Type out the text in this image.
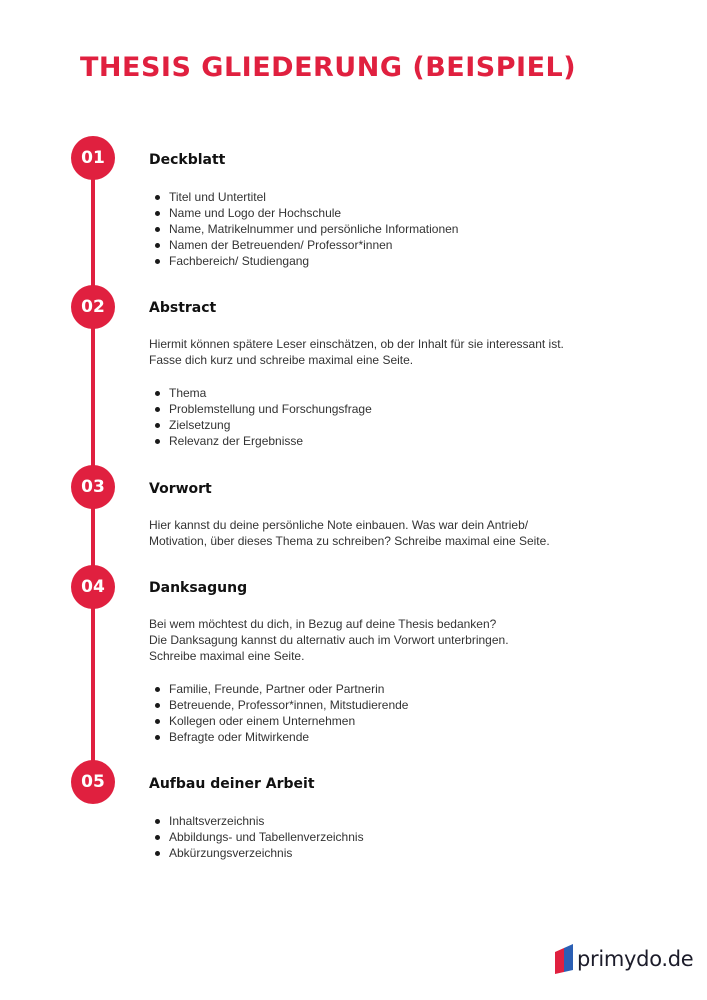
THESIS GLIEDERUNG (BEISPIEL)
01	Deckblatt
Titel und Untertitel
Name und Logo der Hochschule
Name, Matrikelnummer und persönliche Informationen
Namen der Betreuenden/ Professor*innen
Fachbereich/ Studiengang
02	Abstract

Hiermit können spätere Leser einschätzen, ob der Inhalt für sie interessant ist.

Fasse dich kurz und schreibe maximal eine Seite.

Thema
Problemstellung und Forschungsfrage
Zielsetzung
Relevanz der Ergebnisse
03	Vorwort

Hier kannst du deine persönliche Note einbauen. Was war dein Antrieb/

Motivation, über dieses Thema zu schreiben? Schreibe maximal eine Seite.

04	Danksagung

Bei wem möchtest du dich, in Bezug auf deine Thesis bedanken?

Die Danksagung kannst du alternativ auch im Vorwort unterbringen.

Schreibe maximal eine Seite.

Familie, Freunde, Partner oder Partnerin
Betreuende, Professor*innen, Mitstudierende
Kollegen oder einem Unternehmen
Befragte oder Mitwirkende
05	Aufbau deiner Arbeit
Inhaltsverzeichnis
Abbildungs- und Tabellenverzeichnis
Abkürzungsverzeichnis
primydo.de
